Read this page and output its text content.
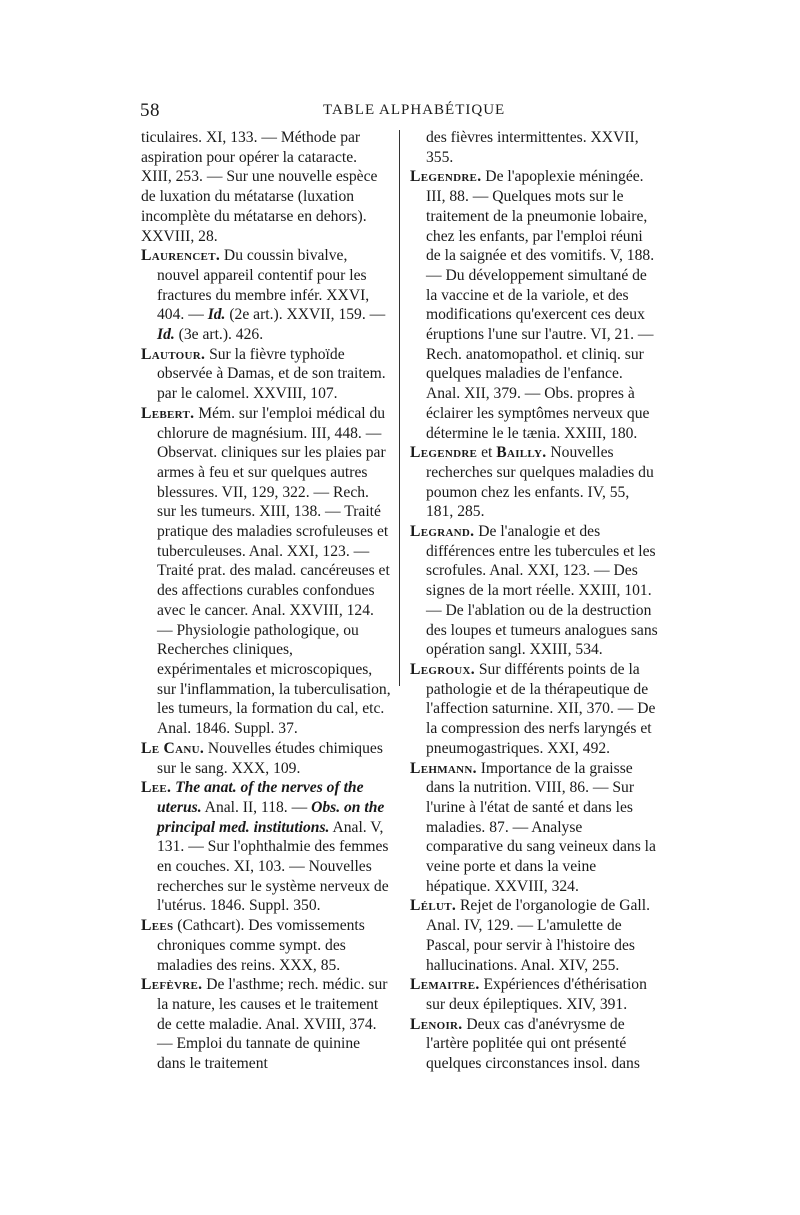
58	TABLE ALPHABÉTIQUE

ticulaires. XI, 133. — Méthode par aspiration pour opérer la cataracte. XIII, 253. — Sur une nouvelle espèce de luxation du métatarse (luxation incomplète du métatarse en dehors). XXVIII, 28.

Laurencet. Du coussin bivalve, nouvel appareil contentif pour les fractures du membre infér. XXVI, 404. — Id. (2e art.). XXVII, 159. — Id. (3e art.). 426.

Lautour. Sur la fièvre typhoïde observée à Damas, et de son traitem. par le calomel. XXVIII, 107.

Lebert. Mém. sur l'emploi médical du chlorure de magnésium. III, 448. — Observat. cliniques sur les plaies par armes à feu et sur quelques autres blessures. VII, 129, 322. — Rech. sur les tumeurs. XIII, 138. — Traité pratique des maladies scrofuleuses et tuberculeuses. Anal. XXI, 123. — Traité prat. des malad. cancéreuses et des affections curables confondues avec le cancer. Anal. XXVIII, 124. — Physiologie pathologique, ou Recherches cliniques, expérimentales et microscopiques, sur l'inflammation, la tuberculisation, les tumeurs, la formation du cal, etc. Anal. 1846. Suppl. 37.

Le Canu. Nouvelles études chimiques sur le sang. XXX, 109.

Lee. The anat. of the nerves of the uterus. Anal. II, 118. — Obs. on the principal med. institutions. Anal. V, 131. — Sur l'ophthalmie des femmes en couches. XI, 103. — Nouvelles recherches sur le système nerveux de l'utérus. 1846. Suppl. 350.

Lees (Cathcart). Des vomissements chroniques comme sympt. des maladies des reins. XXX, 85.

Lefèvre. De l'asthme; rech. médic. sur la nature, les causes et le traitement de cette maladie. Anal. XVIII, 374. — Emploi du tannate de quinine dans le traitement

des fièvres intermittentes. XXVII, 355.

Legendre. De l'apoplexie méningée. III, 88. — Quelques mots sur le traitement de la pneumonie lobaire, chez les enfants, par l'emploi réuni de la saignée et des vomitifs. V, 188. — Du développement simultané de la vaccine et de la variole, et des modifications qu'exercent ces deux éruptions l'une sur l'autre. VI, 21. — Rech. anatomopathol. et cliniq. sur quelques maladies de l'enfance. Anal. XII, 379. — Obs. propres à éclairer les symptômes nerveux que détermine le le tænia. XXIII, 180.

Legendre et Bailly. Nouvelles recherches sur quelques maladies du poumon chez les enfants. IV, 55, 181, 285.

Legrand. De l'analogie et des différences entre les tubercules et les scrofules. Anal. XXI, 123. — Des signes de la mort réelle. XXIII, 101. — De l'ablation ou de la destruction des loupes et tumeurs analogues sans opération sangl. XXIII, 534.

Legroux. Sur différents points de la pathologie et de la thérapeutique de l'affection saturnine. XII, 370. — De la compression des nerfs laryngés et pneumogastriques. XXI, 492.

Lehmann. Importance de la graisse dans la nutrition. VIII, 86. — Sur l'urine à l'état de santé et dans les maladies. 87. — Analyse comparative du sang veineux dans la veine porte et dans la veine hépatique. XXVIII, 324.

Lélut. Rejet de l'organologie de Gall. Anal. IV, 129. — L'amulette de Pascal, pour servir à l'histoire des hallucinations. Anal. XIV, 255.

Lemaitre. Expériences d'éthérisation sur deux épileptiques. XIV, 391.

Lenoir. Deux cas d'anévrysme de l'artère poplitée qui ont présenté quelques circonstances insol. dans
